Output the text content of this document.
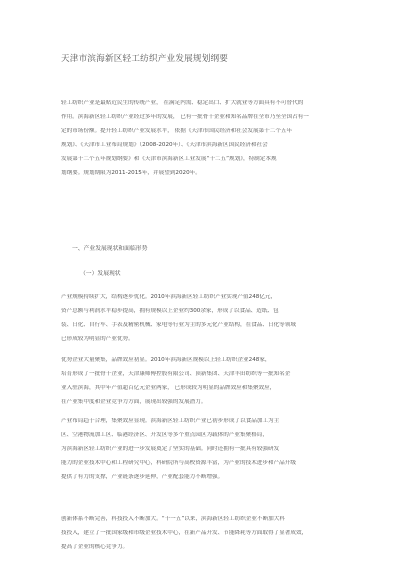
天津市滨海新区轻工纺织产业发展规划纲要
轻工纺织产业是最贴近民生的传统产业， 在满足内需、稳定出口、扩大就业等方面具有不可替代的
作用。滨海新区轻工纺织产业经过多年的发展， 已有一批骨干企业和知名品牌在全市乃至全国占有一
定的市场份额。提升轻工纺织产业发展水平， 依据《天津市国民经济和社会发展第十二个五年
规划》、《天津市工业布局规划》（2008-2020年）、《天津市滨海新区国民经济和社会
发展第十二个五年规划纲要》和《天津市滨海新区工业发展“十二五”规划》，特制定本规
划纲要。规划期限为2011-2015年，并展望到2020年。
一、产业发展现状和面临形势
（一）发展现状
产业规模持续扩大，结构逐步优化。2010年滨海新区轻工纺织产业实现产值248亿元，
资产总额与利润水平稳步提高，拥有规模以上企业约300余家，形成了以食品、造纸、包
装、日化、自行车、手表及精密机械、家电等行业为主的多元化产业结构，在食品、日化等领域
已形成较为明显的产业优势。
优势企业大量聚集，品牌效应初显。2010年滨海新区规模以上轻工纺织企业248家，
培育形成了一批骨干企业，天津康师傅控股有限公司、顶新集团、天津丰田纺织等一批知名企
业入驻滨海，其中年产值超百亿元企业两家， 已形成较为明显的品牌效应和集聚效应，
在产业集中度和企业竞争力方面，展现出较强的发展潜力。
产业布局趋于合理，集聚效应显现。滨海新区轻工纺织产业已初步形成了以食品加工为主
区、空港物流加工区、临港经济区、开发区等多个重点园区为载体的产业集聚格局，
为滨海新区轻工纺织产业的进一步发展奠定了坚实的基础。同时还拥有一批具有较强研发
能力的企业技术中心和工程研究中心，科研院所与高校资源丰富，为产业的技术进步和产品升级
提供了有力的支撑，产业链条逐步延伸，产业配套能力不断增强。
创新体系不断完善，科技投入不断加大。“十一五”以来，滨海新区轻工纺织企业不断加大科
技投入，建立了一批国家级和市级企业技术中心，在新产品开发、节能降耗等方面取得了显著成效，
提高了企业的核心竞争力。
